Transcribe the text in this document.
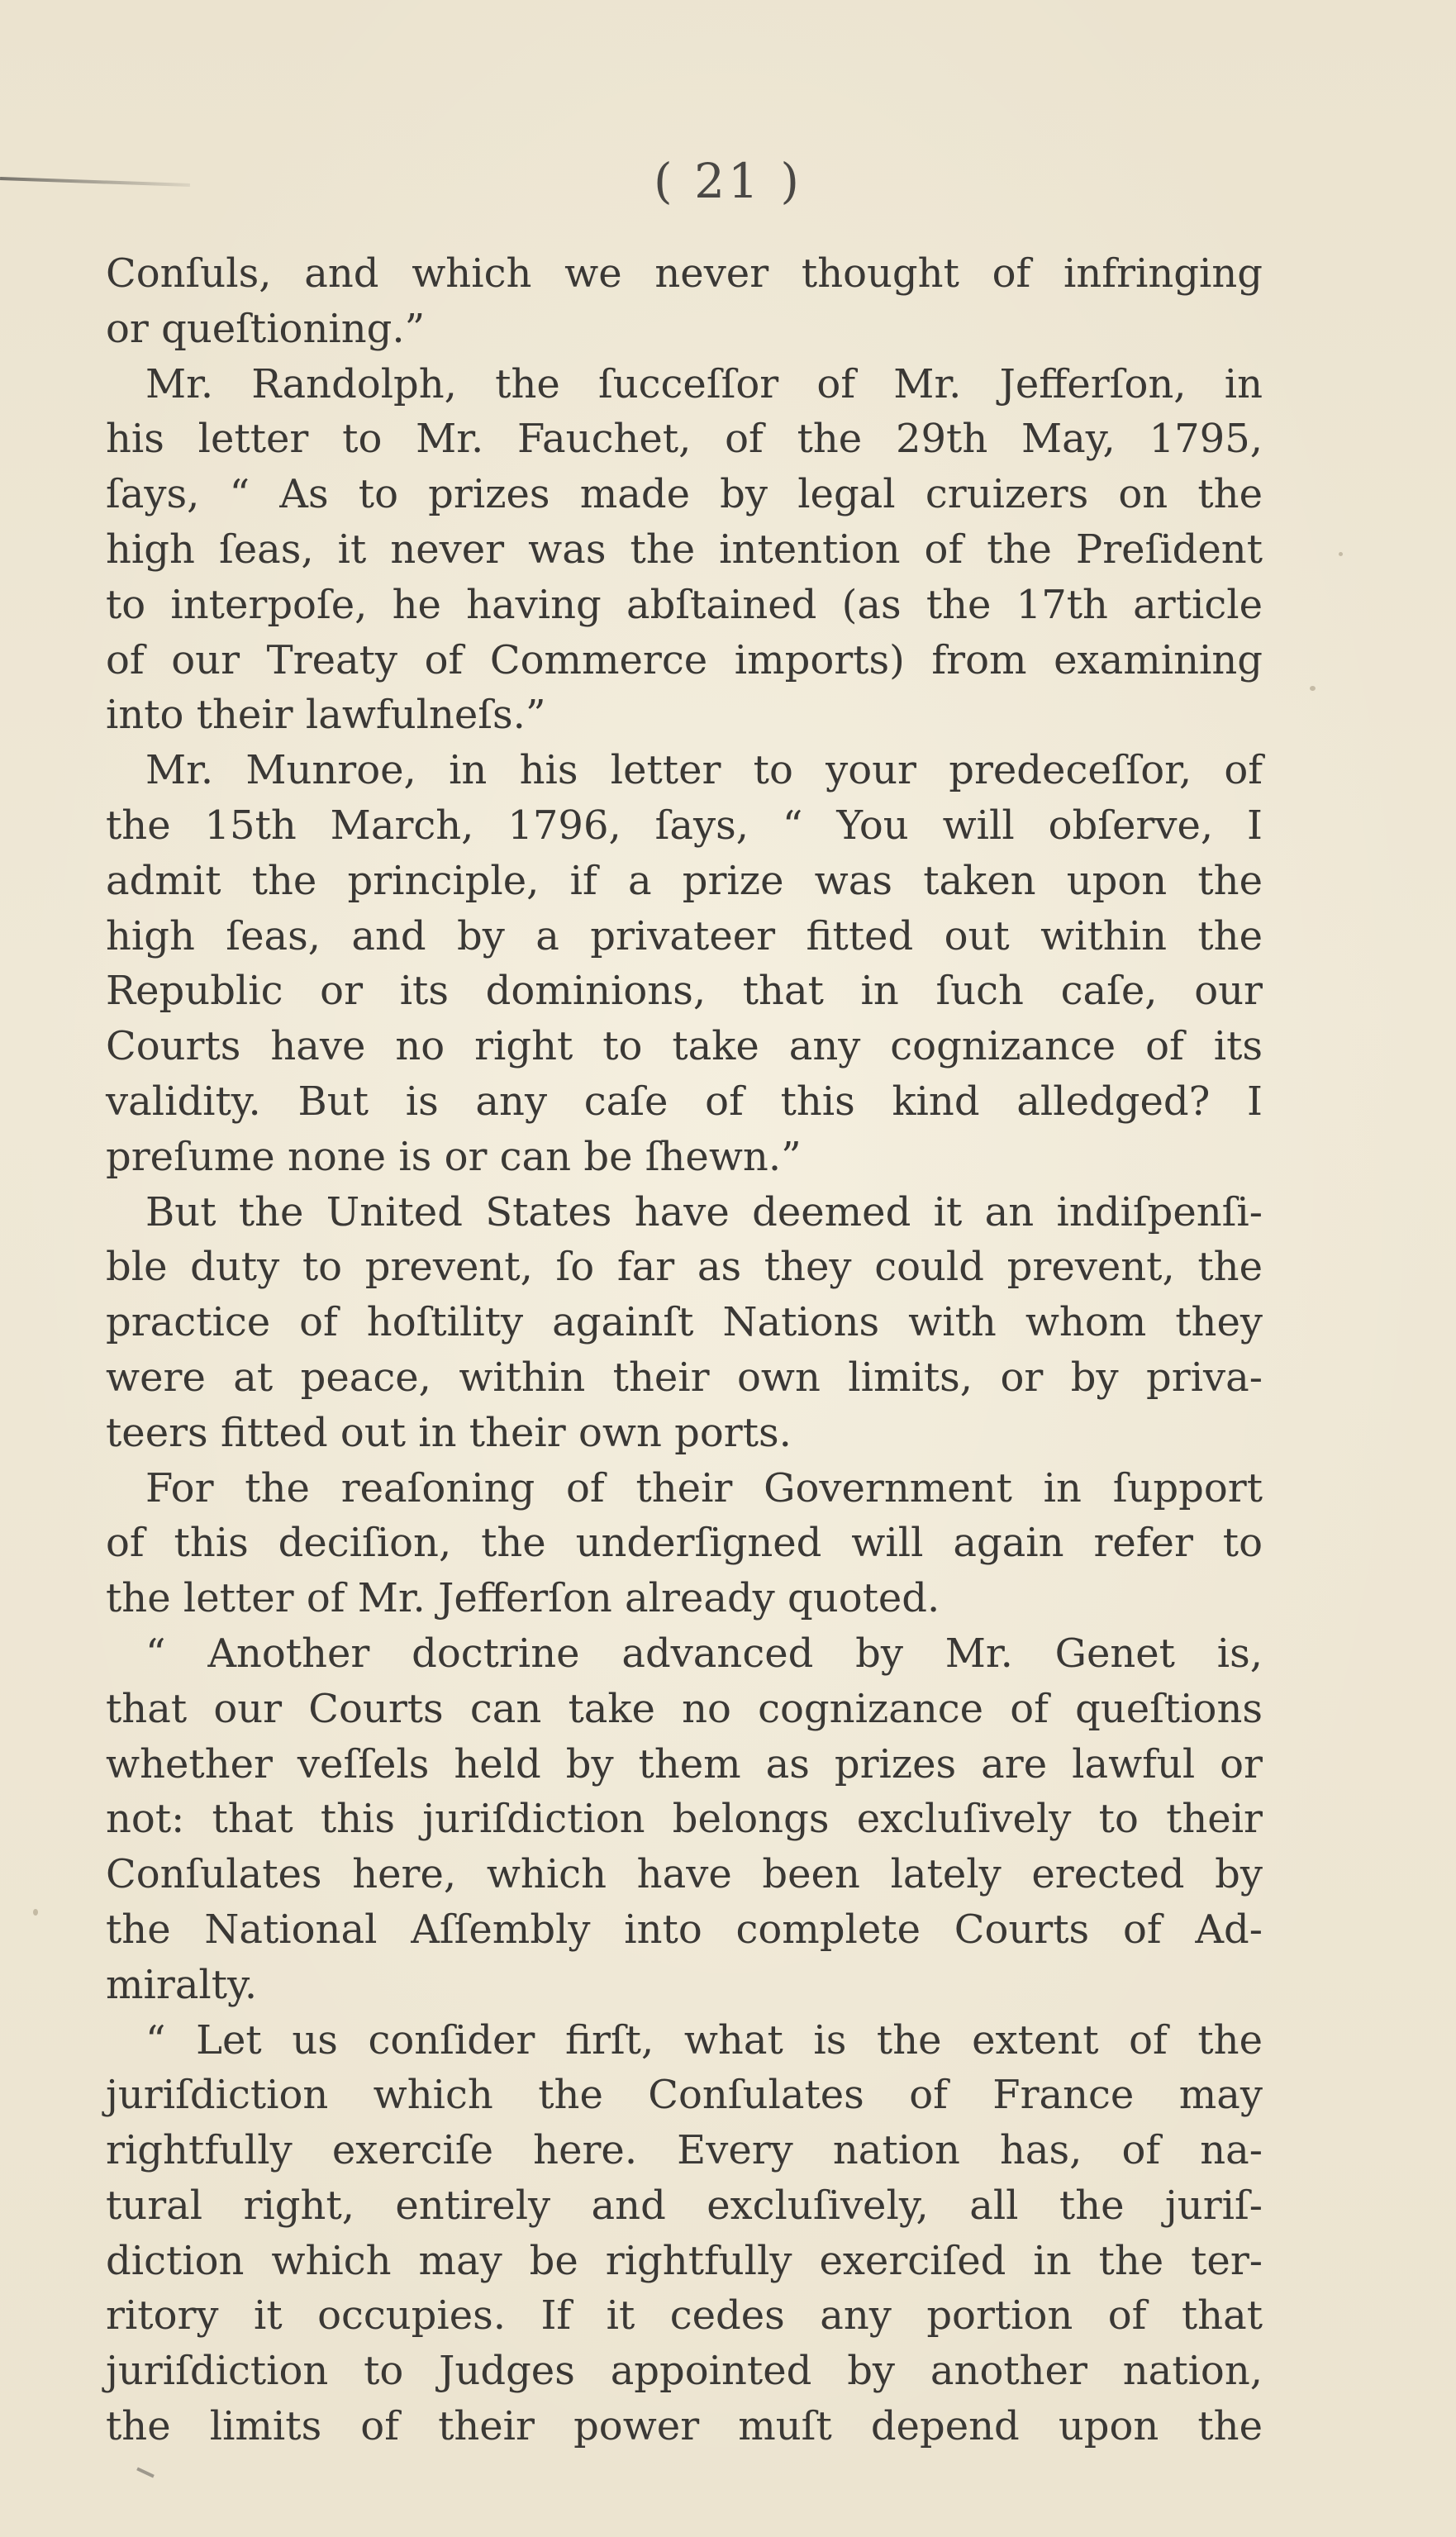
( 21 )
Conſuls, and which we never thought of infringing
or queſtioning.”
Mr. Randolph, the ſucceſſor of Mr. Jefferſon, in
his letter to Mr. Fauchet, of the 29th May, 1795,
ſays, “ As to prizes made by legal cruizers on the
high ſeas, it never was the intention of the Preſident
to interpoſe, he having abſtained (as the 17th article
of our Treaty of Commerce imports) from examining
into their lawfulneſs.”
Mr. Munroe, in his letter to your predeceſſor, of
the 15th March, 1796, ſays, “ You will obſerve, I
admit the principle, if a prize was taken upon the
high ſeas, and by a privateer fitted out within the
Republic or its dominions, that in ſuch caſe, our
Courts have no right to take any cognizance of its
validity. But is any caſe of this kind alledged? I
preſume none is or can be ſhewn.”
But the United States have deemed it an indiſpenſi-
ble duty to prevent, ſo far as they could prevent, the
practice of hoſtility againſt Nations with whom they
were at peace, within their own limits, or by priva-
teers fitted out in their own ports.
For the reaſoning of their Government in ſupport
of this deciſion, the underſigned will again refer to
the letter of Mr. Jefferſon already quoted.
“ Another doctrine advanced by Mr. Genet is,
that our Courts can take no cognizance of queſtions
whether veſſels held by them as prizes are lawful or
not: that this juriſdiction belongs excluſively to their
Conſulates here, which have been lately erected by
the National Aſſembly into complete Courts of Ad-
miralty.
“ Let us conſider firſt, what is the extent of the
juriſdiction which the Conſulates of France may
rightfully exerciſe here. Every nation has, of na-
tural right, entirely and excluſively, all the juriſ-
diction which may be rightfully exerciſed in the ter-
ritory it occupies. If it cedes any portion of that
juriſdiction to Judges appointed by another nation,
the limits of their power muſt depend upon the
